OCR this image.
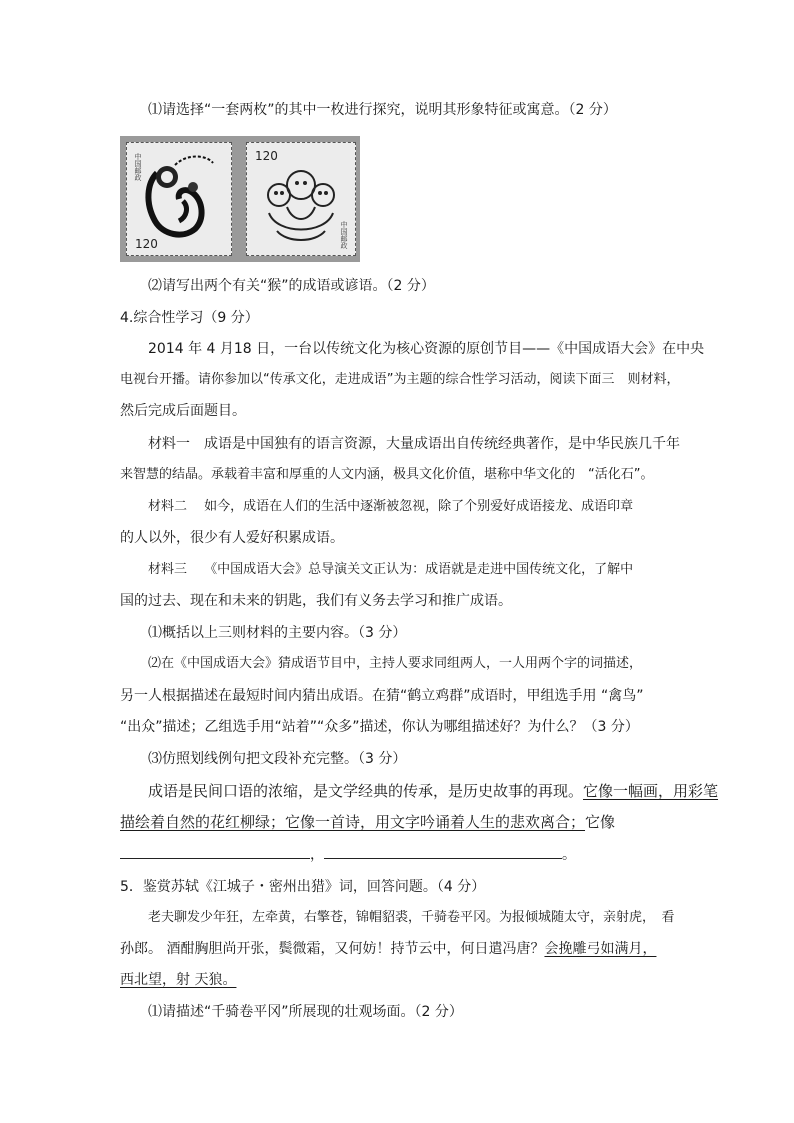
⑴请选择“一套两枚”的其中一枚进行探究，说明其形象特征或寓意。（2 分）
120
中国邮政	120
中国邮政
⑵请写出两个有关“猴”的成语或谚语。（2 分）
4.综合性学习（9 分）
2014 年 4 月18 日，一台以传统文化为核心资源的原创节目——《中国成语大会》在中央
电视台开播。请你参加以“传承文化，走进成语”为主题的综合性学习活动，阅读下面三　则材料，
然后完成后面题目。
材料一　成语是中国独有的语言资源，大量成语出自传统经典著作，是中华民族几千年
来智慧的结晶。承载着丰富和厚重的人文内涵，极具文化价值，堪称中华文化的　“活化石”。
材料二　 如今，成语在人们的生活中逐渐被忽视，除了个别爱好成语接龙、成语印章
的人以外，很少有人爱好积累成语。
材料三　 《中国成语大会》总导演关文正认为：成语就是走进中国传统文化，了解中
国的过去、现在和未来的钥匙，我们有义务去学习和推广成语。
⑴概括以上三则材料的主要内容。（3 分）
⑵在《中国成语大会》猜成语节目中，主持人要求同组两人，一人用两个字的词描述，
另一人根据描述在最短时间内猜出成语。在猜“鹤立鸡群”成语时，甲组选手用 “禽鸟”
“出众”描述；乙组选手用“站着”“众多”描述，你认为哪组描述好？为什么？（3 分）
⑶仿照划线例句把文段补充完整。（3 分）
成语是民间口语的浓缩，是文学经典的传承，是历史故事的再现。它像一幅画，用彩笔
描绘着自然的花红柳绿；它像一首诗，用文字吟诵着人生的悲欢离合；它像
，	。
5．鉴赏苏轼《江城子・密州出猎》词，回答问题。（4 分）
老夫聊发少年狂，左牵黄，右擎苍，锦帽貂裘，千骑卷平冈。为报倾城随太守，亲射虎，　看
孙郎。 酒酣胸胆尚开张，鬓微霜，又何妨！持节云中，何日遣冯唐？会挽雕弓如满月，
西北望，射 天狼。
⑴请描述“千骑卷平冈”所展现的壮观场面。（2 分）
